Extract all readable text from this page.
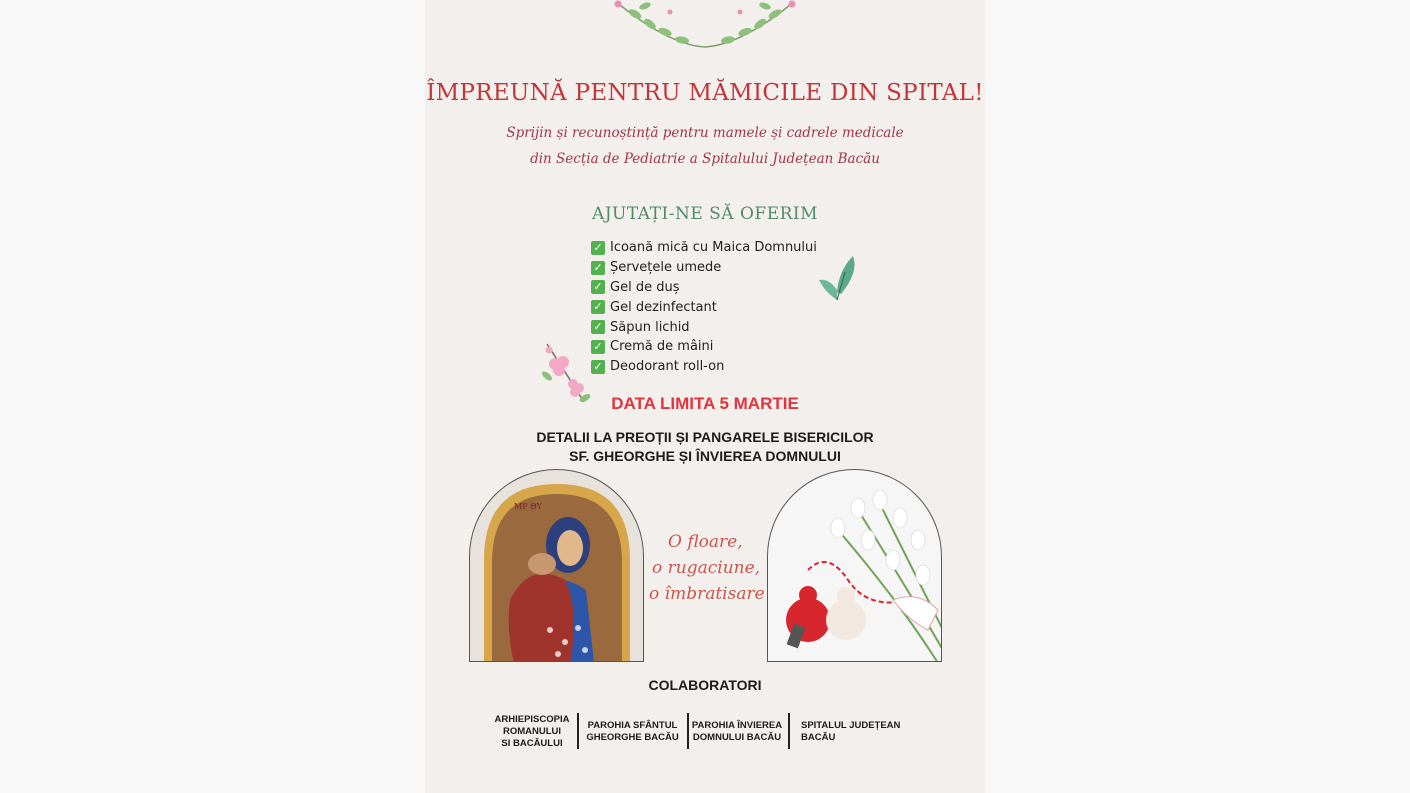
ÎMPREUNĂ PENTRU MĂMICILE DIN SPITAL!
Sprijin și recunoștință pentru mamele și cadrele medicale
din Secția de Pediatrie a Spitalului Județean Bacău
AJUTAȚI-NE SĂ OFERIM
✓ Icoană mică cu Maica Domnului
✓ Șervețele umede
✓ Gel de duș
✓ Gel dezinfectant
✓ Săpun lichid
✓ Cremă de mâini
✓ Deodorant roll-on
DATA LIMITA 5 MARTIE
DETALII LA PREOȚII ȘI PANGARELE BISERICILOR
SF. GHEORGHE ȘI ÎNVIEREA DOMNULUI
ΜΡ ΘΥ
O floare,
o rugaciune,
o îmbratisare
COLABORATORI
ARHIEPISCOPIA
ROMANULUI
SI BACĂULUI
PAROHIA SFÂNTUL
GHEORGHE BACĂU
PAROHIA ÎNVIEREA
DOMNULUI BACĂU
SPITALUL JUDEȚEAN
BACĂU
